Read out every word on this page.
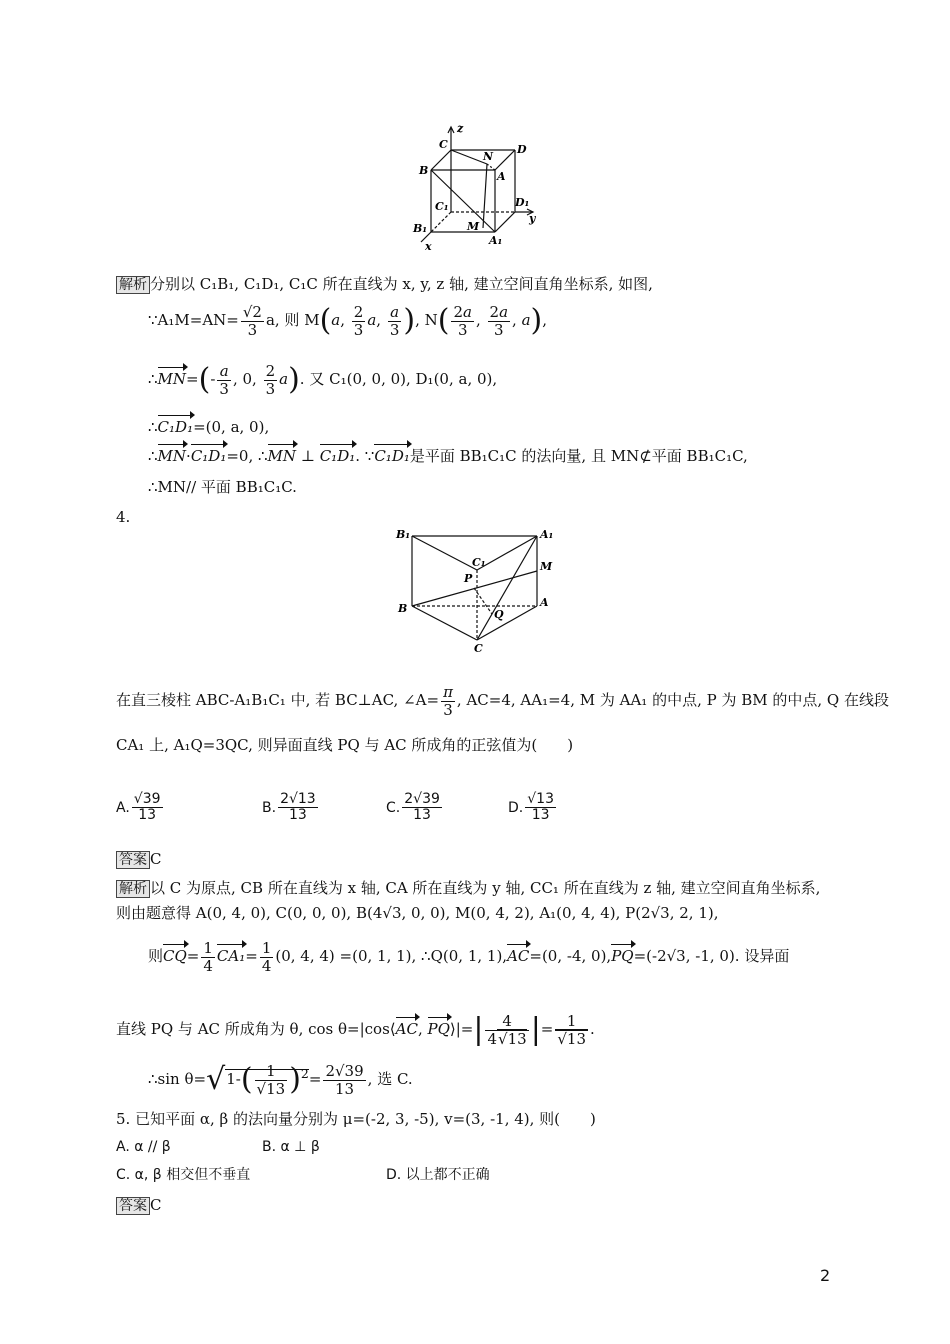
z
C
N
D
B	A
C₁	D₁
y
M
A₁
B₁
x
解析 分别以 C₁B₁, C₁D₁, C₁C 所在直线为 x, y, z 轴, 建立空间直角坐标系, 如图,
∵A₁M=AN= $\frac{√2}{3} a$, 则 M(a, $\frac{2}{3} a$, $\frac{a}{3}$ ), $N( \frac{2a}{3}$ , $\frac{2a}{3}$ , a),
∴MN=(- $\frac{a}{3}$ , 0, $\frac{2}{3} a$). 又 C₁(0, 0, 0), D₁(0, a, 0),
∴C₁D₁=(0, a, 0),
∴MN·C₁D₁=0, ∴MN ⊥ C₁D₁. ∵C₁D₁是平面 BB₁C₁C 的法向量, 且 MN⊄平面 BB₁C₁C,
∴MN// 平面 BB₁C₁C.
4.
B₁	A₁
C₁	M
P
B	A
Q
C
在直三棱柱 ABC-A₁B₁C₁ 中, 若 BC⊥AC, ∠A= $\frac{\pi}{3}$ , AC=4, AA₁=4, M 为 AA₁ 的中点, P 为 BM 的中点, Q 在线段
CA₁ 上, A₁Q=3QC, 则异面直线 PQ 与 AC 所成角的正弦值为(　　)
A. $\frac{√39}{13}$	B. $\frac{2√13}{13}$	C. $\frac{2√39}{13}$	D. $\frac{√13}{13}$
答案 C
解析 以 C 为原点, CB 所在直线为 x 轴, CA 所在直线为 y 轴, CC₁ 所在直线为 z 轴, 建立空间直角坐标系,
则由题意得 A(0, 4, 0), C(0, 0, 0), B(4√3, 0, 0), M(0, 4, 2), A₁(0, 4, 4), P(2√3, 2, 1),
则$CQ= \frac{1}{4} CA_1= \frac{1}{4} (0$, 4, 4) =(0, 1, 1), ∴Q(0, 1, 1),AC=(0, -4, 0),PQ=(-2√3, -1, 0). 设异面
直线 PQ 与 AC 所成角为 θ, cos θ=|cos⟨AC, PQ⟩|=| $\frac{4}{4√13}$ |= $\frac{1}{√13}$ .
∴sin $\theta=√1-( \frac{1}{√13} )^2= \frac{2√39}{13}$ , 选 C.
5. 已知平面 α, β 的法向量分别为 μ=(-2, 3, -5), v=(3, -1, 4), 则(　　)
A. α // β	B. α ⊥ β
C. α, β 相交但不垂直	D. 以上都不正确
答案 C
2
